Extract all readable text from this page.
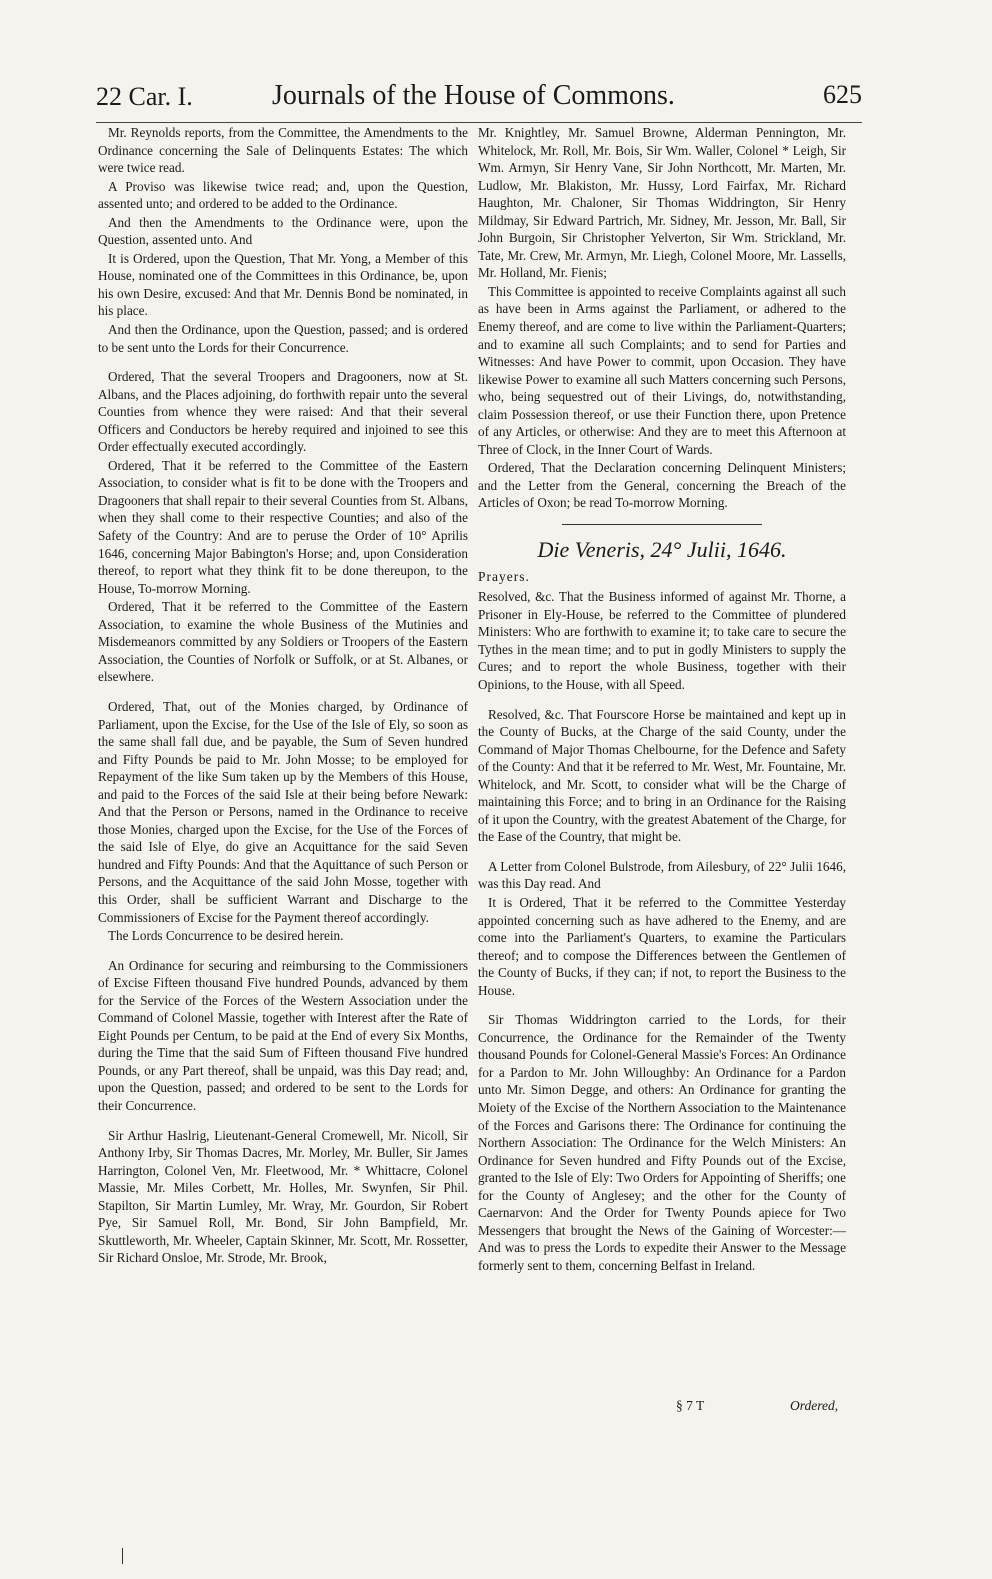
22 Car. I.	Journals of the House of Commons.	625

Mr. Reynolds reports, from the Committee, the Amendments to the Ordinance concerning the Sale of Delinquents Estates: The which were twice read.

A Proviso was likewise twice read; and, upon the Question, assented unto; and ordered to be added to the Ordinance.

And then the Amendments to the Ordinance were, upon the Question, assented unto. And

It is Ordered, upon the Question, That Mr. Yong, a Member of this House, nominated one of the Committees in this Ordinance, be, upon his own Desire, excused: And that Mr. Dennis Bond be nominated, in his place.

And then the Ordinance, upon the Question, passed; and is ordered to be sent unto the Lords for their Concurrence.

Ordered, That the several Troopers and Dragooners, now at St. Albans, and the Places adjoining, do forthwith repair unto the several Counties from whence they were raised: And that their several Officers and Conductors be hereby required and injoined to see this Order effectually executed accordingly.

Ordered, That it be referred to the Committee of the Eastern Association, to consider what is fit to be done with the Troopers and Dragooners that shall repair to their several Counties from St. Albans, when they shall come to their respective Counties; and also of the Safety of the Country: And are to peruse the Order of 10° Aprilis 1646, concerning Major Babington's Horse; and, upon Consideration thereof, to report what they think fit to be done thereupon, to the House, To-morrow Morning.

Ordered, That it be referred to the Committee of the Eastern Association, to examine the whole Business of the Mutinies and Misdemeanors committed by any Soldiers or Troopers of the Eastern Association, the Counties of Norfolk or Suffolk, or at St. Albanes, or elsewhere.

Ordered, That, out of the Monies charged, by Ordinance of Parliament, upon the Excise, for the Use of the Isle of Ely, so soon as the same shall fall due, and be payable, the Sum of Seven hundred and Fifty Pounds be paid to Mr. John Mosse; to be employed for Repayment of the like Sum taken up by the Members of this House, and paid to the Forces of the said Isle at their being before Newark: And that the Person or Persons, named in the Ordinance to receive those Monies, charged upon the Excise, for the Use of the Forces of the said Isle of Elye, do give an Acquittance for the said Seven hundred and Fifty Pounds: And that the Aquittance of such Person or Persons, and the Acquittance of the said John Mosse, together with this Order, shall be sufficient Warrant and Discharge to the Commissioners of Excise for the Payment thereof accordingly.

The Lords Concurrence to be desired herein.

An Ordinance for securing and reimbursing to the Commissioners of Excise Fifteen thousand Five hundred Pounds, advanced by them for the Service of the Forces of the Western Association under the Command of Colonel Massie, together with Interest after the Rate of Eight Pounds per Centum, to be paid at the End of every Six Months, during the Time that the said Sum of Fifteen thousand Five hundred Pounds, or any Part thereof, shall be unpaid, was this Day read; and, upon the Question, passed; and ordered to be sent to the Lords for their Concurrence.

Sir Arthur Haslrig, Lieutenant-General Cromewell, Mr. Nicoll, Sir Anthony Irby, Sir Thomas Dacres, Mr. Morley, Mr. Buller, Sir James Harrington, Colonel Ven, Mr. Fleetwood, Mr. * Whittacre, Colonel Massie, Mr. Miles Corbett, Mr. Holles, Mr. Swynfen, Sir Phil. Stapilton, Sir Martin Lumley, Mr. Wray, Mr. Gourdon, Sir Robert Pye, Sir Samuel Roll, Mr. Bond, Sir John Bampfield, Mr. Skuttleworth, Mr. Wheeler, Captain Skinner, Mr. Scott, Mr. Rossetter, Sir Richard Onsloe, Mr. Strode, Mr. Brook,

Mr. Knightley, Mr. Samuel Browne, Alderman Pennington, Mr. Whitelock, Mr. Roll, Mr. Bois, Sir Wm. Waller, Colonel * Leigh, Sir Wm. Armyn, Sir Henry Vane, Sir John Northcott, Mr. Marten, Mr. Ludlow, Mr. Blakiston, Mr. Hussy, Lord Fairfax, Mr. Richard Haughton, Mr. Chaloner, Sir Thomas Widdrington, Sir Henry Mildmay, Sir Edward Partrich, Mr. Sidney, Mr. Jesson, Mr. Ball, Sir John Burgoin, Sir Christopher Yelverton, Sir Wm. Strickland, Mr. Tate, Mr. Crew, Mr. Armyn, Mr. Liegh, Colonel Moore, Mr. Lassells, Mr. Holland, Mr. Fienis;

This Committee is appointed to receive Complaints against all such as have been in Arms against the Parliament, or adhered to the Enemy thereof, and are come to live within the Parliament-Quarters; and to examine all such Complaints; and to send for Parties and Witnesses: And have Power to commit, upon Occasion. They have likewise Power to examine all such Matters concerning such Persons, who, being sequestred out of their Livings, do, notwithstanding, claim Possession thereof, or use their Function there, upon Pretence of any Articles, or otherwise: And they are to meet this Afternoon at Three of Clock, in the Inner Court of Wards.

Ordered, That the Declaration concerning Delinquent Ministers; and the Letter from the General, concerning the Breach of the Articles of Oxon; be read To-morrow Morning.

Die Veneris, 24° Julii, 1646.

Prayers.

Resolved, &c. That the Business informed of against Mr. Thorne, a Prisoner in Ely-House, be referred to the Committee of plundered Ministers: Who are forthwith to examine it; to take care to secure the Tythes in the mean time; and to put in godly Ministers to supply the Cures; and to report the whole Business, together with their Opinions, to the House, with all Speed.

Resolved, &c. That Fourscore Horse be maintained and kept up in the County of Bucks, at the Charge of the said County, under the Command of Major Thomas Chelbourne, for the Defence and Safety of the County: And that it be referred to Mr. West, Mr. Fountaine, Mr. Whitelock, and Mr. Scott, to consider what will be the Charge of maintaining this Force; and to bring in an Ordinance for the Raising of it upon the Country, with the greatest Abatement of the Charge, for the Ease of the Country, that might be.

A Letter from Colonel Bulstrode, from Ailesbury, of 22° Julii 1646, was this Day read. And

It is Ordered, That it be referred to the Committee Yesterday appointed concerning such as have adhered to the Enemy, and are come into the Parliament's Quarters, to examine the Particulars thereof; and to compose the Differences between the Gentlemen of the County of Bucks, if they can; if not, to report the Business to the House.

Sir Thomas Widdrington carried to the Lords, for their Concurrence, the Ordinance for the Remainder of the Twenty thousand Pounds for Colonel-General Massie's Forces: An Ordinance for a Pardon to Mr. John Willoughby: An Ordinance for a Pardon unto Mr. Simon Degge, and others: An Ordinance for granting the Moiety of the Excise of the Northern Association to the Maintenance of the Forces and Garisons there: The Ordinance for continuing the Northern Association: The Ordinance for the Welch Ministers: An Ordinance for Seven hundred and Fifty Pounds out of the Excise, granted to the Isle of Ely: Two Orders for Appointing of Sheriffs; one for the County of Anglesey; and the other for the County of Caernarvon: And the Order for Twenty Pounds apiece for Two Messengers that brought the News of the Gaining of Worcester:—And was to press the Lords to expedite their Answer to the Message formerly sent to them, concerning Belfast in Ireland.

§ 7 T	Ordered,
